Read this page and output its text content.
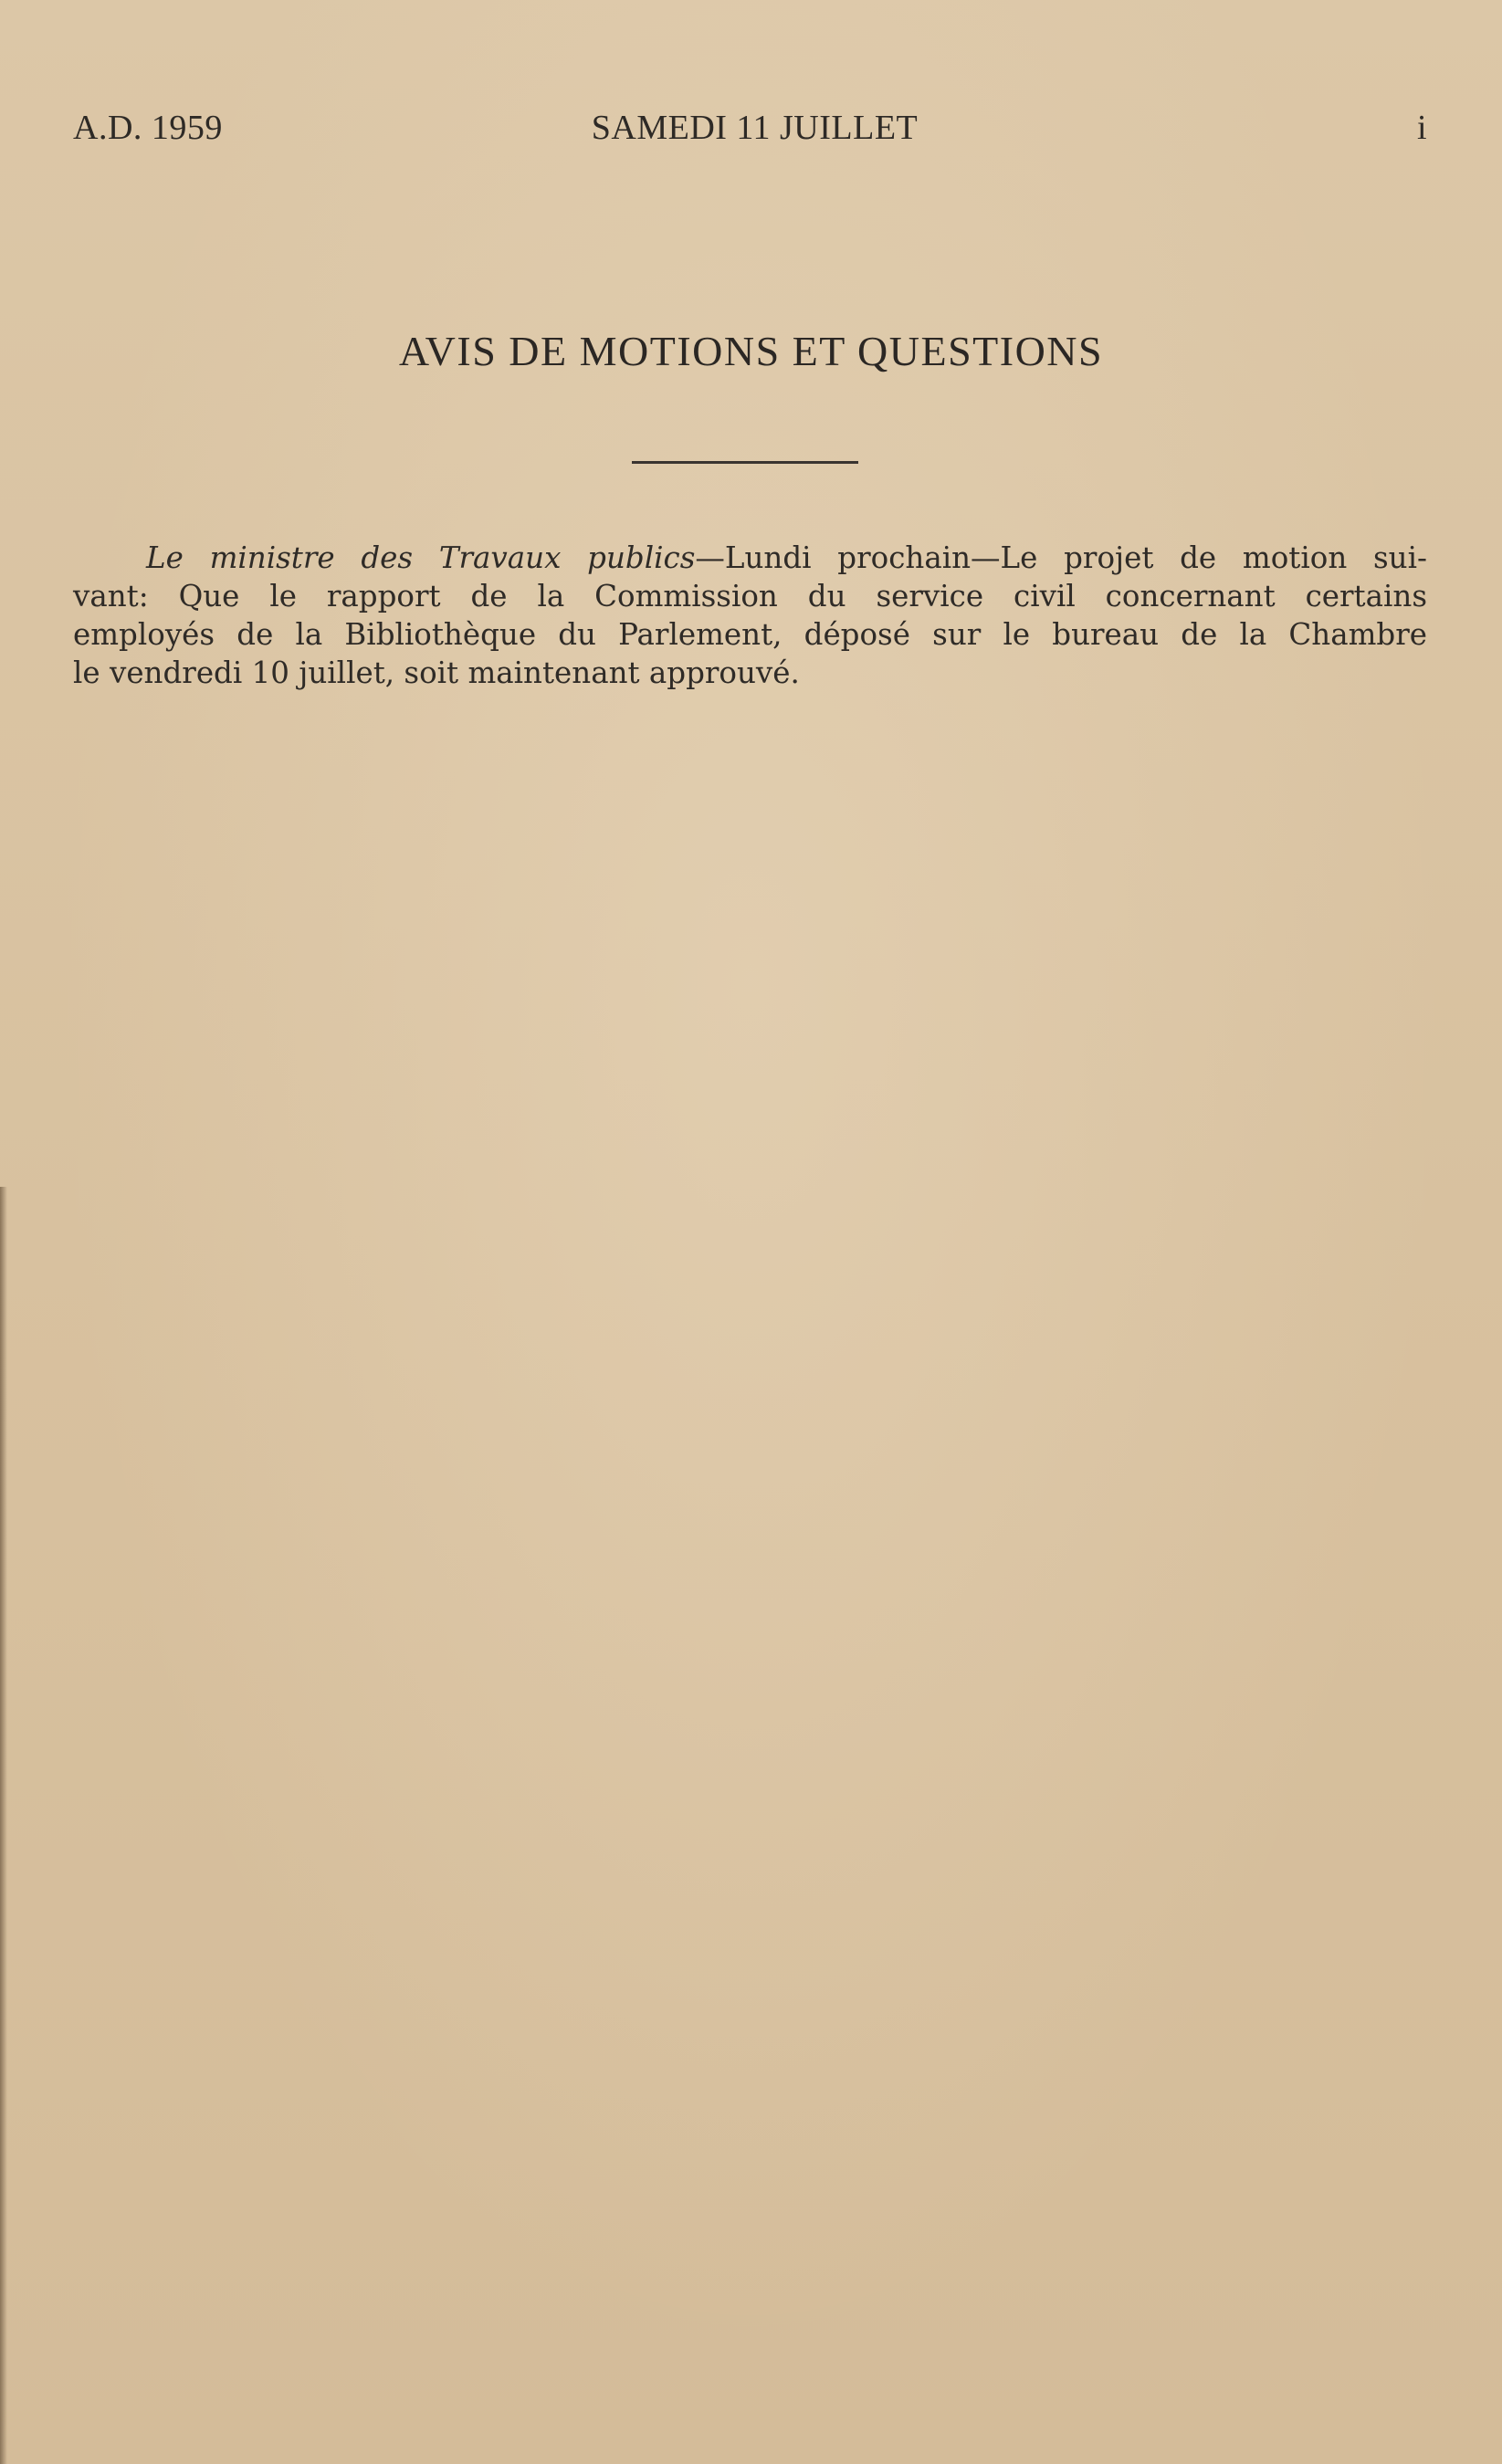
A.D. 1959	SAMEDI 11 JUILLET	i
AVIS DE MOTIONS ET QUESTIONS
Le ministre des Travaux publics—Lundi prochain—Le projet de motion sui-
vant: Que le rapport de la Commission du service civil concernant certains
employés de la Bibliothèque du Parlement, déposé sur le bureau de la Chambre
le vendredi 10 juillet, soit maintenant approuvé.
